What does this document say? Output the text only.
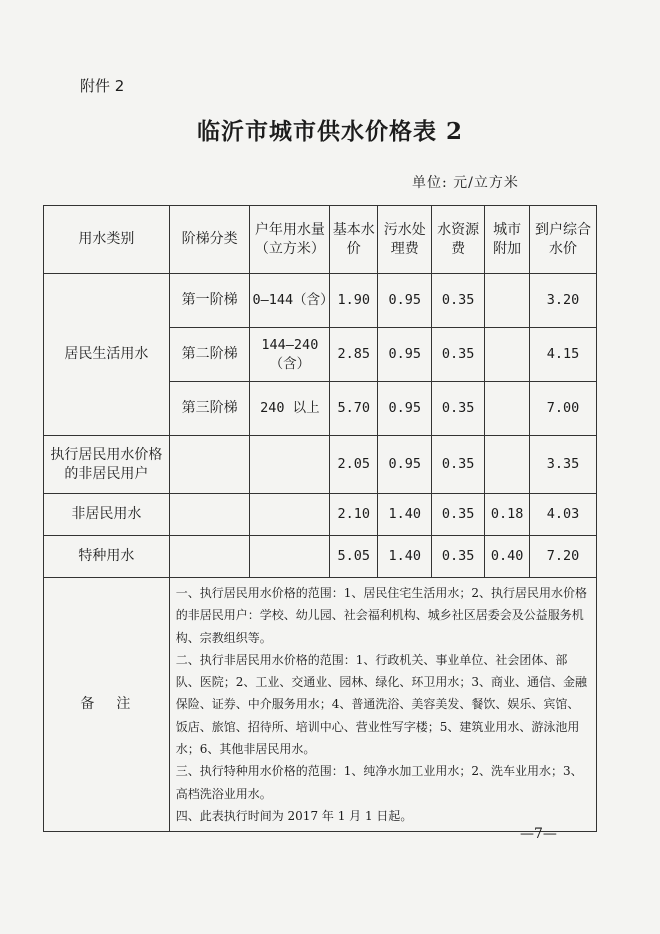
附件 2
临沂市城市供水价格表 2
单位: 元/立方米
用水类别	阶梯分类	户年用水量（立方米）	基本水价	污水处理费	水资源费	城市附加	到户综合水价
居民生活用水	第一阶梯	0—144（含）	1.90	0.95	0.35		3.20
	第二阶梯	144—240（含）	2.85	0.95	0.35		4.15
	第三阶梯	240 以上	5.70	0.95	0.35		7.00
执行居民用水价格的非居民用户			2.05	0.95	0.35		3.35
非居民用水			2.10	1.40	0.35	0.18	4.03
特种用水			5.05	1.40	0.35	0.40	7.20
备注	一、执行居民用水价格的范围：1、居民住宅生活用水；2、执行居民用水价格的非居民用户：学校、幼儿园、社会福利机构、城乡社区居委会及公益服务机构、宗教组织等。
二、执行非居民用水价格的范围：1、行政机关、事业单位、社会团体、部队、医院；2、工业、交通业、园林、绿化、环卫用水；3、商业、通信、金融保险、证券、中介服务用水；4、普通洗浴、美容美发、餐饮、娱乐、宾馆、饭店、旅馆、招待所、培训中心、营业性写字楼；5、建筑业用水、游泳池用水；6、其他非居民用水。
三、执行特种用水价格的范围：1、纯净水加工业用水；2、洗车业用水；3、高档洗浴业用水。
四、此表执行时间为 2017 年 1 月 1 日起。						
—7—
